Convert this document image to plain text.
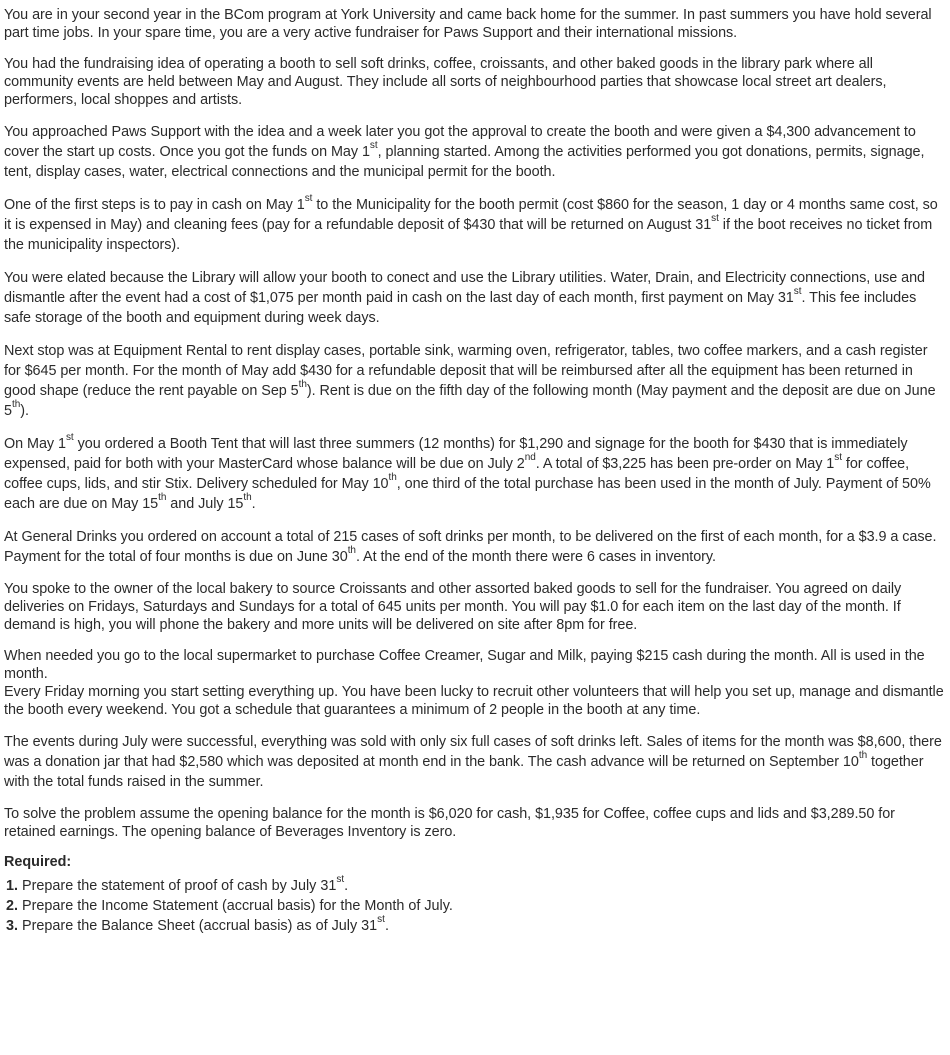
You are in your second year in the BCom program at York University and came back home for the summer. In past summers you have hold several part time jobs. In your spare time, you are a very active fundraiser for Paws Support and their international missions.

You had the fundraising idea of operating a booth to sell soft drinks, coffee, croissants, and other baked goods in the library park where all community events are held between May and August. They include all sorts of neighbourhood parties that showcase local street art dealers, performers, local shoppes and artists.

You approached Paws Support with the idea and a week later you got the approval to create the booth and were given a $4,300 advancement to cover the start up costs. Once you got the funds on May 1st, planning started. Among the activities performed you got donations, permits, signage, tent, display cases, water, electrical connections and the municipal permit for the booth.

One of the first steps is to pay in cash on May 1st to the Municipality for the booth permit (cost $860 for the season, 1 day or 4 months same cost, so it is expensed in May) and cleaning fees (pay for a refundable deposit of $430 that will be returned on August 31st if the boot receives no ticket from the municipality inspectors).

You were elated because the Library will allow your booth to conect and use the Library utilities. Water, Drain, and Electricity connections, use and dismantle after the event had a cost of $1,075 per month paid in cash on the last day of each month, first payment on May 31st. This fee includes safe storage of the booth and equipment during week days.

Next stop was at Equipment Rental to rent display cases, portable sink, warming oven, refrigerator, tables, two coffee markers, and a cash register for $645 per month. For the month of May add $430 for a refundable deposit that will be reimbursed after all the equipment has been returned in good shape (reduce the rent payable on Sep 5th). Rent is due on the fifth day of the following month (May payment and the deposit are due on June 5th).

On May 1st you ordered a Booth Tent that will last three summers (12 months) for $1,290 and signage for the booth for $430 that is immediately expensed, paid for both with your MasterCard whose balance will be due on July 2nd. A total of $3,225 has been pre-order on May 1st for coffee, coffee cups, lids, and stir Stix. Delivery scheduled for May 10th, one third of the total purchase has been used in the month of July. Payment of 50% each are due on May 15th and July 15th.

At General Drinks you ordered on account a total of 215 cases of soft drinks per month, to be delivered on the first of each month, for a $3.9 a case. Payment for the total of four months is due on June 30th. At the end of the month there were 6 cases in inventory.

You spoke to the owner of the local bakery to source Croissants and other assorted baked goods to sell for the fundraiser. You agreed on daily deliveries on Fridays, Saturdays and Sundays for a total of 645 units per month. You will pay $1.0 for each item on the last day of the month. If demand is high, you will phone the bakery and more units will be delivered on site after 8pm for free.

When needed you go to the local supermarket to purchase Coffee Creamer, Sugar and Milk, paying $215 cash during the month. All is used in the month.
Every Friday morning you start setting everything up. You have been lucky to recruit other volunteers that will help you set up, manage and dismantle the booth every weekend. You got a schedule that guarantees a minimum of 2 people in the booth at any time.

The events during July were successful, everything was sold with only six full cases of soft drinks left. Sales of items for the month was $8,600, there was a donation jar that had $2,580 which was deposited at month end in the bank. The cash advance will be returned on September 10th together with the total funds raised in the summer.

To solve the problem assume the opening balance for the month is $6,020 for cash, $1,935 for Coffee, coffee cups and lids and $3,289.50 for retained earnings. The opening balance of Beverages Inventory is zero.

Required:
1. Prepare the statement of proof of cash by July 31st.
2. Prepare the Income Statement (accrual basis) for the Month of July.
3. Prepare the Balance Sheet (accrual basis) as of July 31st.
